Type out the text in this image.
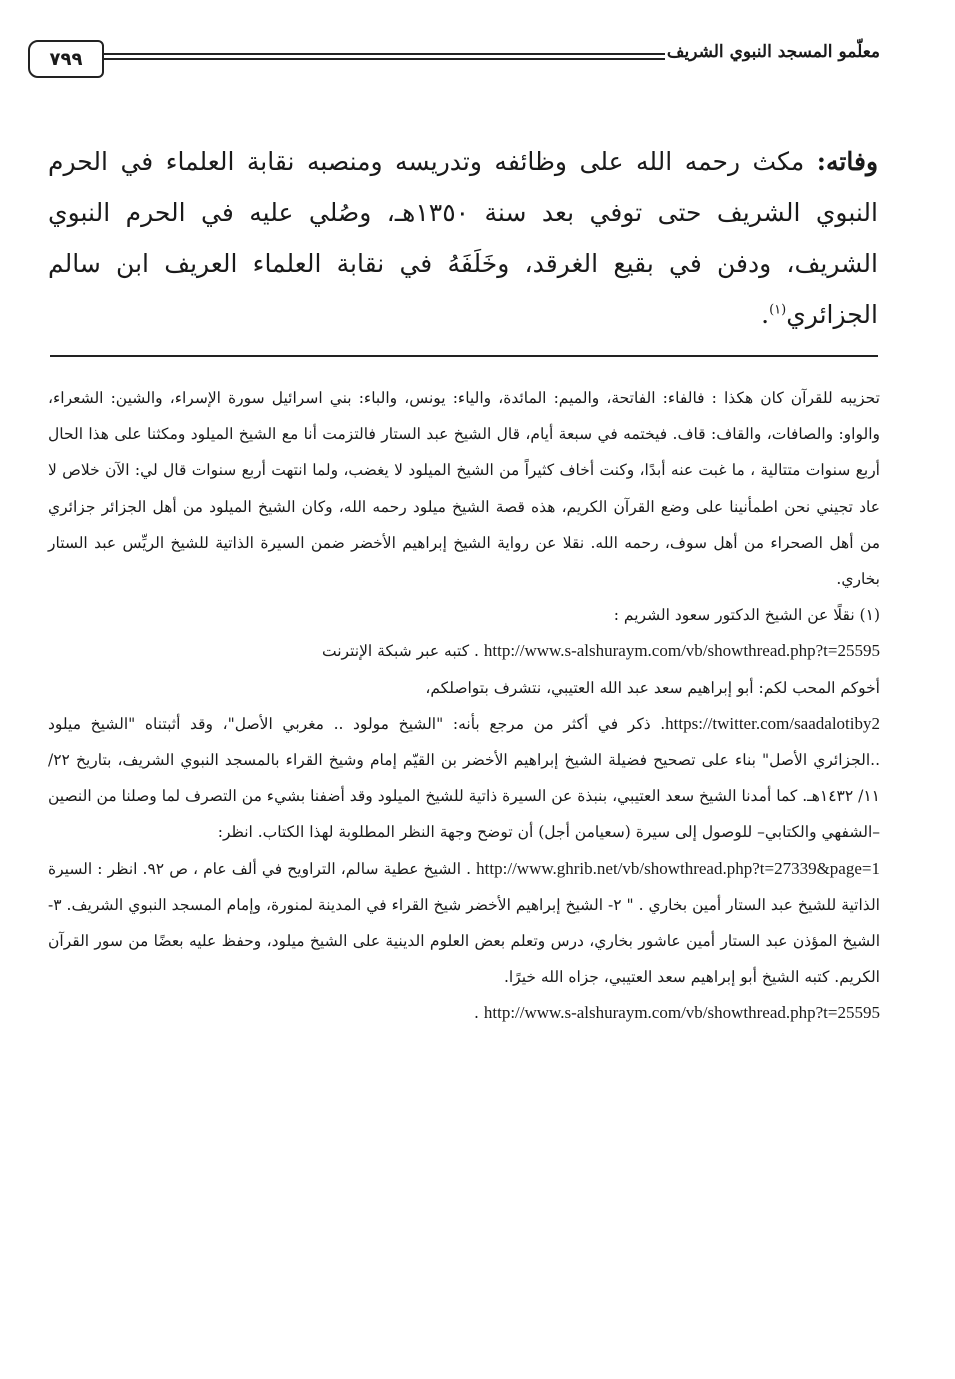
٧٩٩	معلّمو المسجد النبوي الشريف
وفاته: مكث رحمه الله على وظائفه وتدريسه ومنصبه نقابة العلماء في الحرم النبوي الشريف حتى توفي بعد سنة ١٣٥٠هـ، وصُلي عليه في الحرم النبوي الشريف، ودفن في بقيع الغرقد، وخَلَفَهُ في نقابة العلماء العريف ابن سالم الجزائري$^{(١)}$.

تحزيبه للقرآن كان هكذا : فالفاء: الفاتحة، والميم: المائدة، والياء: يونس، والباء: بني اسرائيل سورة الإسراء، والشين: الشعراء، والواو: والصافات، والقاف: قاف. فيختمه في سبعة أيام، قال الشيخ عبد الستار فالتزمت أنا مع الشيخ الميلود ومكثنا على هذا الحال أربع سنوات متتالية ، ما غبت عنه أبدًا، وكنت أخاف كثيراً من الشيخ الميلود لا يغضب، ولما انتهت أربع سنوات قال لي: الآن خلاص لا عاد تجيني نحن اطمأنينا على وضع القرآن الكريم، هذه قصة الشيخ ميلود رحمه الله، وكان الشيخ الميلود من أهل الجزائر جزائري من أهل الصحراء من أهل سوف، رحمه الله. نقلا عن رواية الشيخ إبراهيم الأخضر ضمن السيرة الذاتية للشيخ الريِّس عبد الستار بخاري.

(١) نقلًا عن الشيخ الدكتور سعود الشريم :

http://www.s-alshuraym.com/vb/showthread.php?t=25595 . كتبه عبر شبكة الإنترنت

أخوكم المحب لكم: أبو إبراهيم سعد عبد الله العتيبي، نتشرف بتواصلكم،

https://twitter.com/saadalotiby2. ذكر في أكثر من مرجع بأنه: "الشيخ مولود .. مغربي الأصل"، وقد أثبتناه "الشيخ ميلود ..الجزائري الأصل" بناء على تصحيح فضيلة الشيخ إبراهيم الأخضر بن القيّم إمام وشيخ القراء بالمسجد النبوي الشريف، بتاريخ ٢٢/ ١١/ ١٤٣٢هـ. كما أمدنا الشيخ سعد العتيبي، بنبذة عن السيرة ذاتية للشيخ الميلود وقد أضفنا بشيء من التصرف لما وصلنا من النصين –الشفهي والكتابي– للوصول إلى سيرة (سعيامن أجل) أن توضح وجهة النظر المطلوبة لهذا الكتاب. انظر:

http://www.ghrib.net/vb/showthread.php?t=27339&page=1 . الشيخ عطية سالم، التراويح في ألف عام ، ص ٩٢. انظر : السيرة الذاتية للشيخ عبد الستار أمين بخاري . " ٢- الشيخ إبراهيم الأخضر شيخ القراء في المدينة لمنورة، وإمام المسجد النبوي الشريف. ٣- الشيخ المؤذن عبد الستار أمين عاشور بخاري، درس وتعلم بعض العلوم الدينية على الشيخ ميلود، وحفظ عليه بعضًا من سور القرآن الكريم. كتبه الشيخ أبو إبراهيم سعد العتيبي، جزاه الله خيرًا.

http://www.s-alshuraym.com/vb/showthread.php?t=25595 .
